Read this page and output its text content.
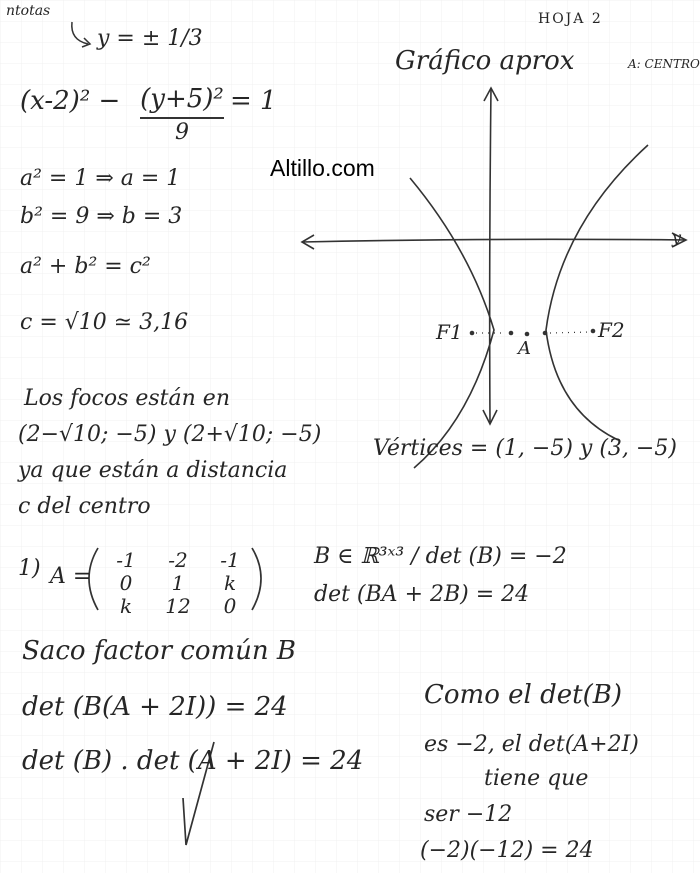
ntotas
y = ± 1/3
HOJA 2
Gráfico aprox	A: CENTRO
(x-2)² − (y+5)²
9
= 1
a² = 1 ⇒ a = 1
b² = 9 ⇒ b = 3
a² + b² = c²
c = √10 ≃ 3,16
Altillo.com
y
F1	F2
A
Vértices = (1, −5) y (3, −5)
Los focos están en
(2−√10; −5) y (2+√10; −5)
ya que están a distancia
c del centro
1) A =
-1	-2	-1
0	1	k
k	12	0
B ∈ ℝ³ˣ³ / det (B) = −2
det (BA + 2B) = 24
Saco factor común B
det (B(A + 2I)) = 24
det (B) . det (A + 2I) = 24
Como el det(B)
es −2, el det(A+2I)
tiene que
ser −12
(−2)(−12) = 24
